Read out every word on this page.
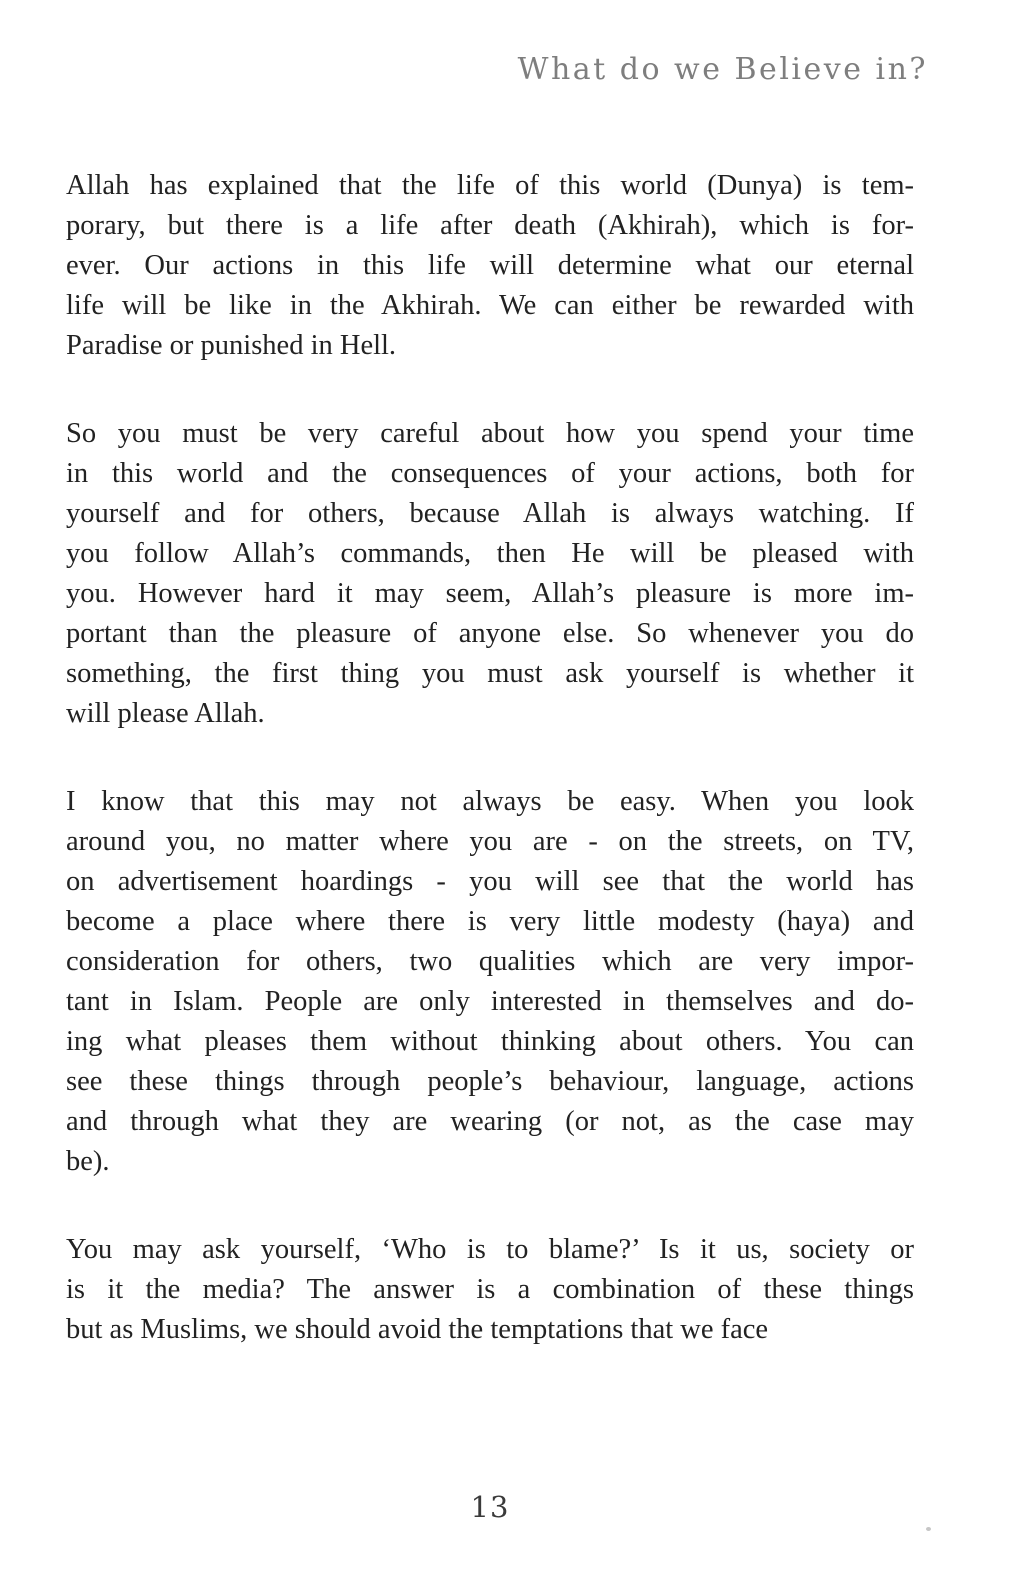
What do we Believe in?
Allah has explained that the life of this world (Dunya) is tem-
porary, but there is a life after death (Akhirah), which is for-
ever. Our actions in this life will determine what our eternal
life will be like in the Akhirah. We can either be rewarded with
Paradise or punished in Hell.
So you must be very careful about how you spend your time
in this world and the consequences of your actions, both for
yourself and for others, because Allah is always watching. If
you follow Allah’s commands, then He will be pleased with
you. However hard it may seem, Allah’s pleasure is more im-
portant than the pleasure of anyone else. So whenever you do
something, the first thing you must ask yourself is whether it
will please Allah.
I know that this may not always be easy. When you look
around you, no matter where you are - on the streets, on TV,
on advertisement hoardings - you will see that the world has
become a place where there is very little modesty (haya) and
consideration for others, two qualities which are very impor-
tant in Islam. People are only interested in themselves and do-
ing what pleases them without thinking about others. You can
see these things through people’s behaviour, language, actions
and through what they are wearing (or not, as the case may
be).
You may ask yourself, ‘Who is to blame?’ Is it us, society or
is it the media? The answer is a combination of these things
but as Muslims, we should avoid the temptations that we face
13
